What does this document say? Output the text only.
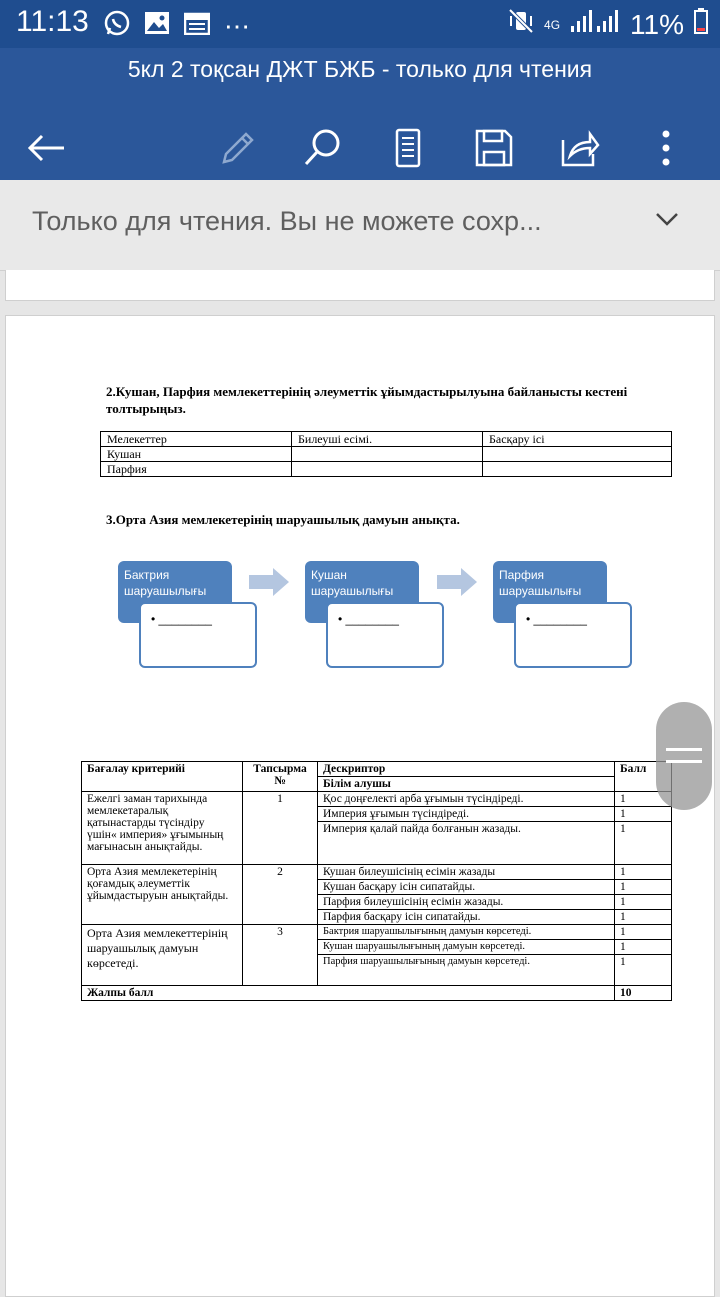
11:13	⋯	4G	11%
5кл 2 тоқсан ДЖТ БЖБ - только для чтения
Только для чтения. Вы не можете сохр...
2.Кушан, Парфия мемлекеттерінің әлеуметтік ұйымдастырылуына байланысты кестені толтырыңыз.
Мелекеттер	Билеуші есімі.	Басқару ісі
Кушан		
Парфия		
3.Орта Азия мемлекетерінің шаруашылық дамуын анықта.
Бактрия шаруашылығы
• ________
Кушан шаруашылығы
• ________
Парфия шаруашылығы
• ________
Бағалау критерийі	Тапсырма №	Дескриптор	Балл
		Білім алушы	
Ежелгі заман тарихында мемлекетаралық қатынастарды түсіндіру үшін« империя» ұғымының мағынасын анықтайды.	1	Қос доңғелекті арба ұғымын түсіндіреді.	1
		Империя ұғымын түсіндіреді.	1
		Империя қалай пайда болғанын жазады.	1
Орта Азия мемлекетерінің қоғамдық әлеуметтік ұйымдастыруын анықтайды.	2	Кушан билеушісінің есімін жазады	1
		Кушан басқару ісін сипатайды.	1
		Парфия билеушісінің есімін жазады.	1
		Парфия басқару ісін сипатайды.	1
Орта Азия мемлекеттерінің шаруашылық дамуын көрсетеді.	3	Бактрия шаруашылығының дамуын көрсетеді.	1
		Кушан шаруашылығының дамуын көрсетеді.	1
		Парфия шаруашылығының дамуын көрсетеді.	1
Жалпы балл			10
